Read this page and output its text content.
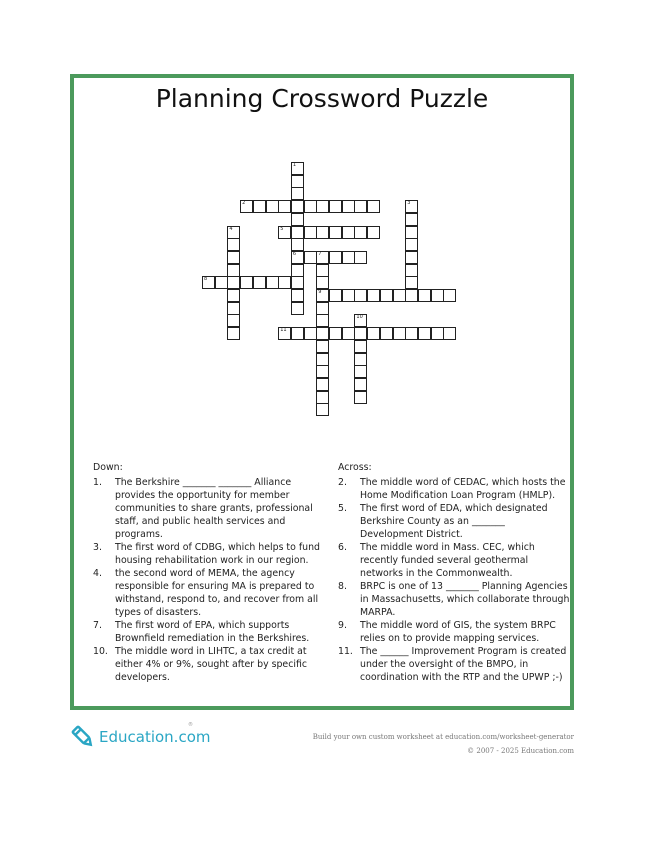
Planning Crossword Puzzle
1
6
2	3
4	5
7
9
8
10
11
Down:
1.	The Berkshire _______ _______ Alliance provides the opportunity for member communities to share grants, professional staff, and public health services and programs.
3.	The first word of CDBG, which helps to fund housing rehabilitation work in our region.
4.	the second word of MEMA, the agency responsible for ensuring MA is prepared to withstand, respond to, and recover from all types of disasters.
7.	The first word of EPA, which supports Brownfield remediation in the Berkshires.
10. The middle word in LIHTC, a tax credit at either 4% or 9%, sought after by specific developers.
Across:
2.	The middle word of CEDAC, which hosts the Home Modification Loan Program (HMLP).
5.	The first word of EDA, which designated Berkshire County as an _______ Development District.
6.	The middle word in Mass. CEC, which recently funded several geothermal networks in the Commonwealth.
8.	BRPC is one of 13 _______ Planning Agencies in Massachusetts, which collaborate through MARPA.
9.	The middle word of GIS, the system BRPC relies on to provide mapping services.
11. The ______ Improvement Program is created under the oversight of the BMPO, in coordination with the RTP and the UPWP ;-)
Education.com
®
Build your own custom worksheet at education.com/worksheet-generator
© 2007 - 2025 Education.com
